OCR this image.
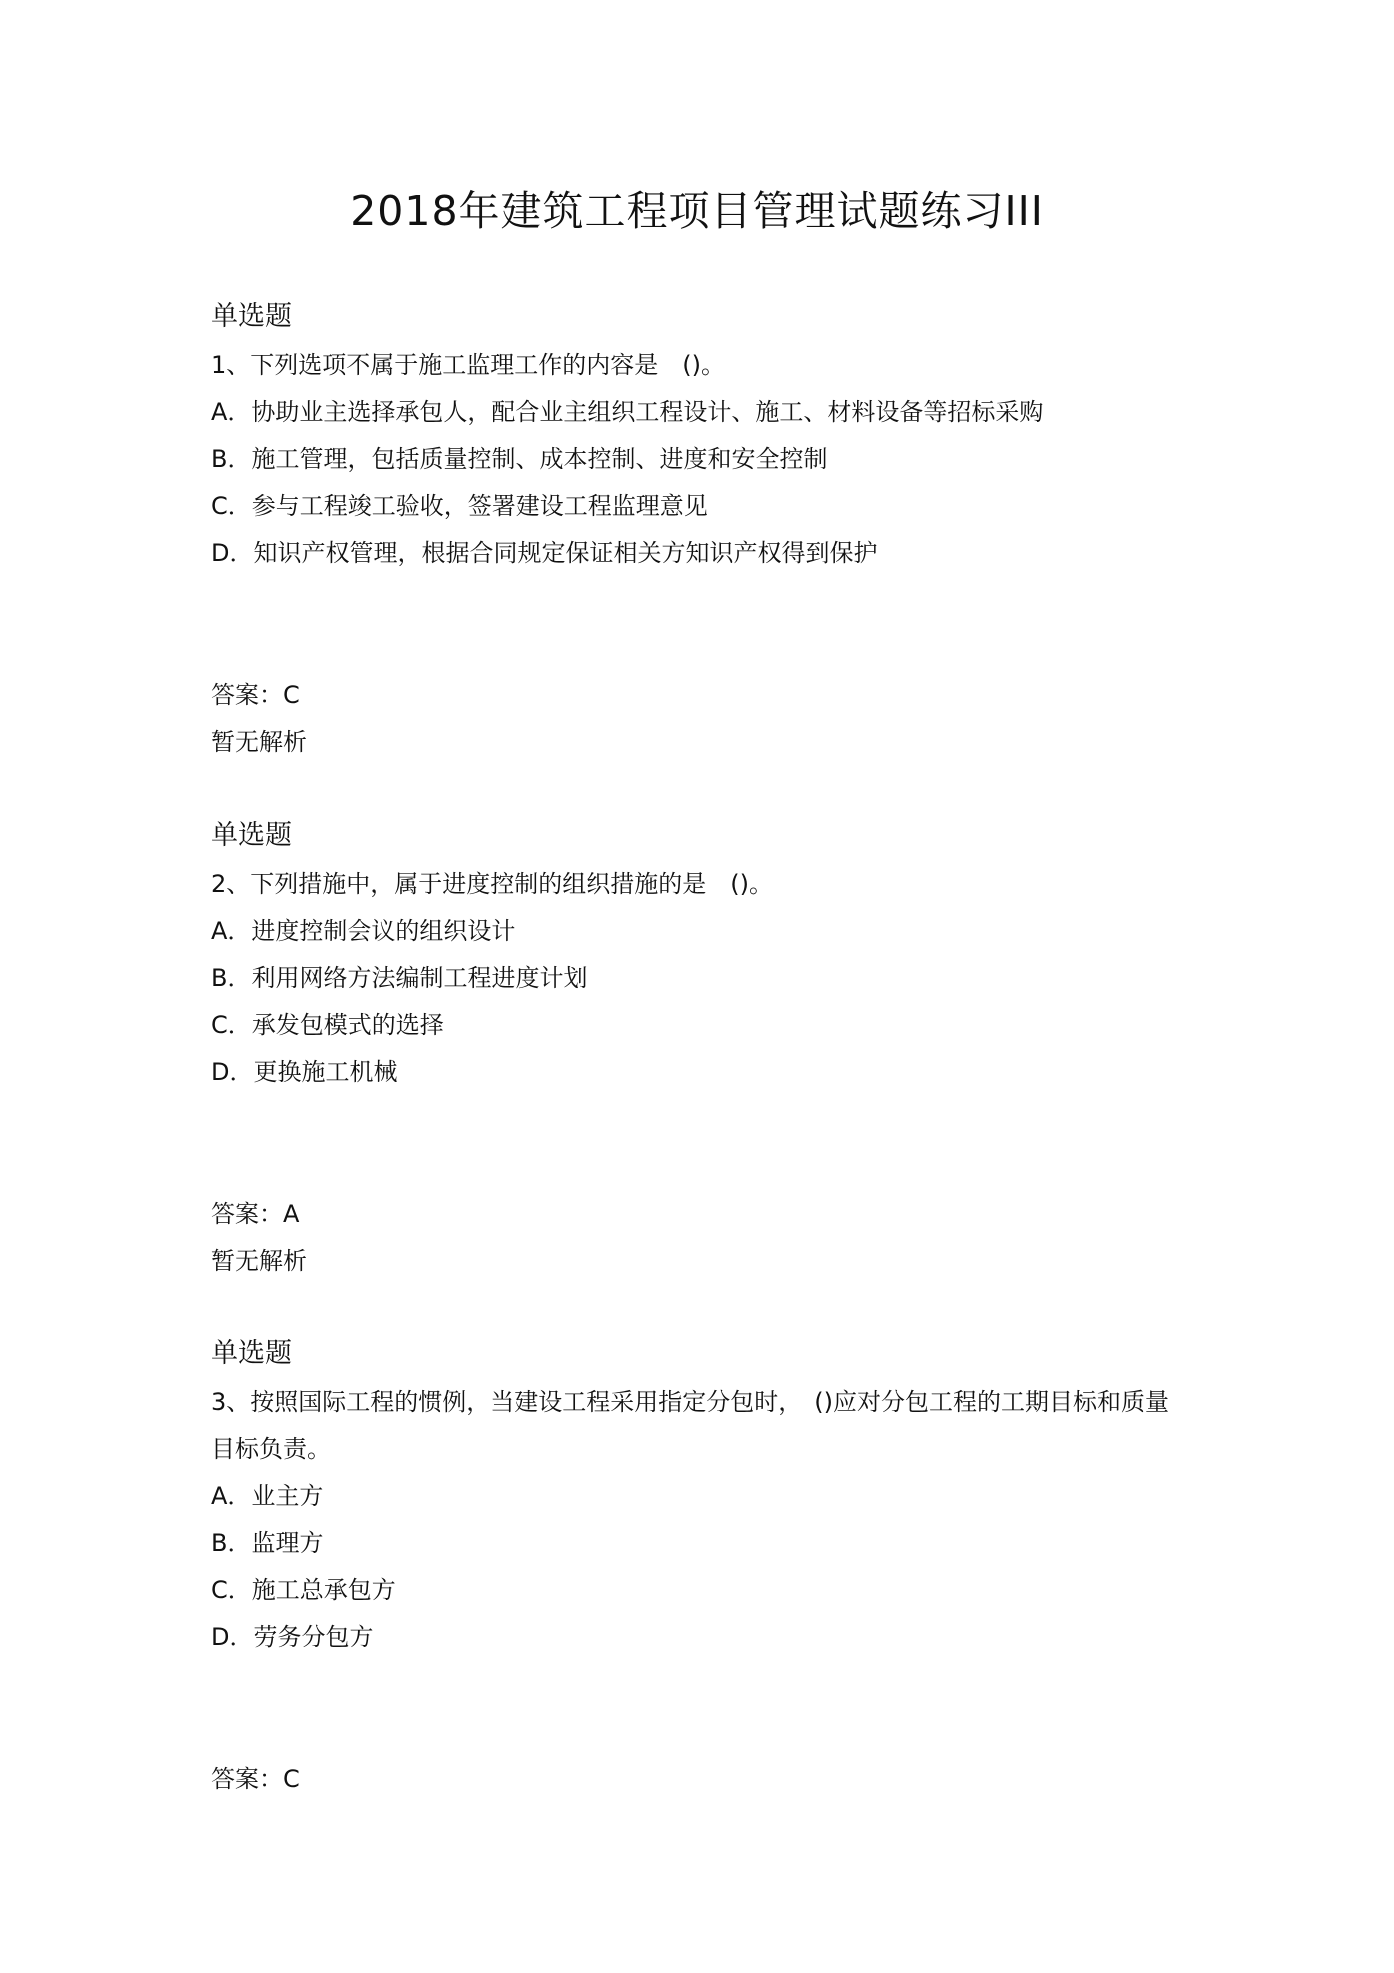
2018年建筑工程项目管理试题练习III
单选题
1、下列选项不属于施工监理工作的内容是　()。
A．协助业主选择承包人，配合业主组织工程设计、施工、材料设备等招标采购
B．施工管理，包括质量控制、成本控制、进度和安全控制
C．参与工程竣工验收，签署建设工程监理意见
D．知识产权管理，根据合同规定保证相关方知识产权得到保护
答案：C
暂无解析
单选题
2、下列措施中，属于进度控制的组织措施的是　()。
A．进度控制会议的组织设计
B．利用网络方法编制工程进度计划
C．承发包模式的选择
D．更换施工机械
答案：A
暂无解析
单选题
3、按照国际工程的惯例，当建设工程采用指定分包时，　()应对分包工程的工期目标和质量目标负责。
A．业主方
B．监理方
C．施工总承包方
D．劳务分包方
答案：C
